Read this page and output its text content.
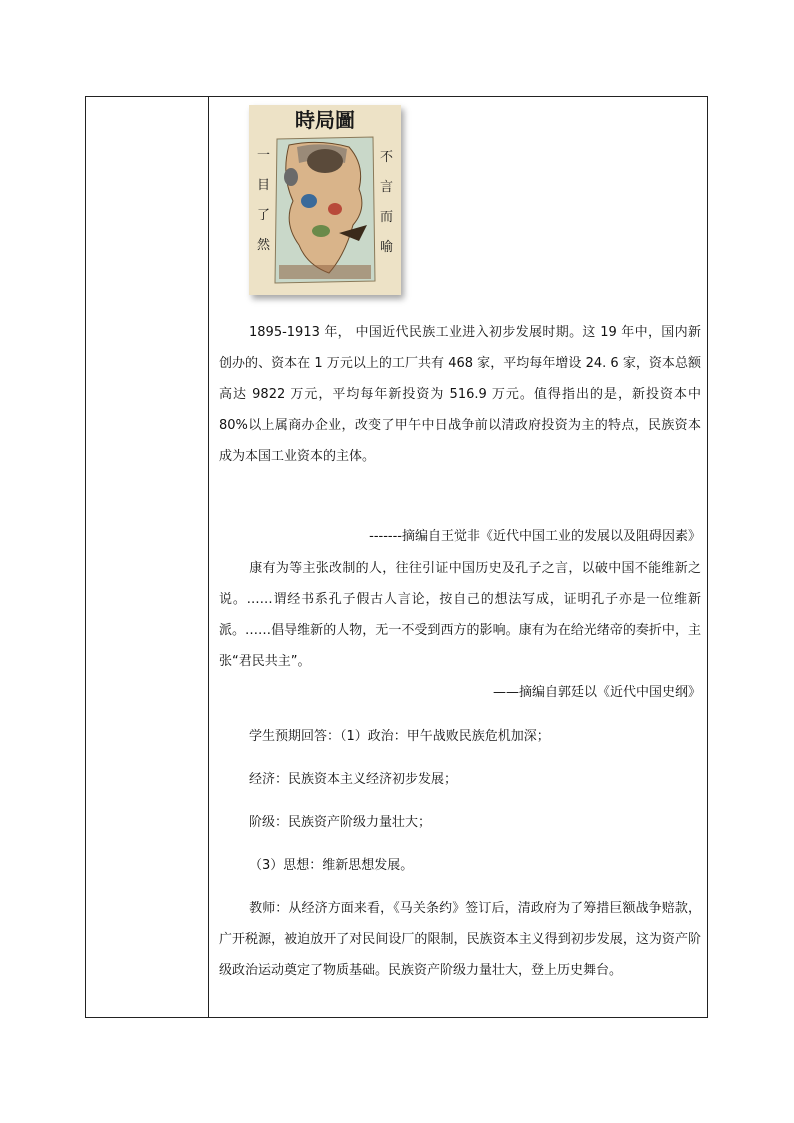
時局圖
一目了然
不言而喻

1895-1913 年， 中国近代民族工业进入初步发展时期。这 19 年中，国内新创办的、资本在 1 万元以上的工厂共有 468 家，平均每年增设 24. 6 家，资本总额高达 9822 万元，平均每年新投资为 516.9 万元。值得指出的是，新投资本中 80%以上属商办企业，改变了甲午中日战争前以清政府投资为主的特点，民族资本成为本国工业资本的主体。

-------摘编自王觉非《近代中国工业的发展以及阻碍因素》

康有为等主张改制的人，往往引证中国历史及孔子之言，以破中国不能维新之说。……谓经书系孔子假古人言论，按自己的想法写成，证明孔子亦是一位维新派。……倡导维新的人物，无一不受到西方的影响。康有为在给光绪帝的奏折中，主张“君民共主”。

——摘编自郭廷以《近代中国史纲》

学生预期回答：（1）政治：甲午战败民族危机加深；

经济：民族资本主义经济初步发展；

阶级：民族资产阶级力量壮大；

（3）思想：维新思想发展。

教师：从经济方面来看，《马关条约》签订后，清政府为了筹措巨额战争赔款，广开税源，被迫放开了对民间设厂的限制，民族资本主义得到初步发展，这为资产阶级政治运动奠定了物质基础。民族资产阶级力量壮大，登上历史舞台。
